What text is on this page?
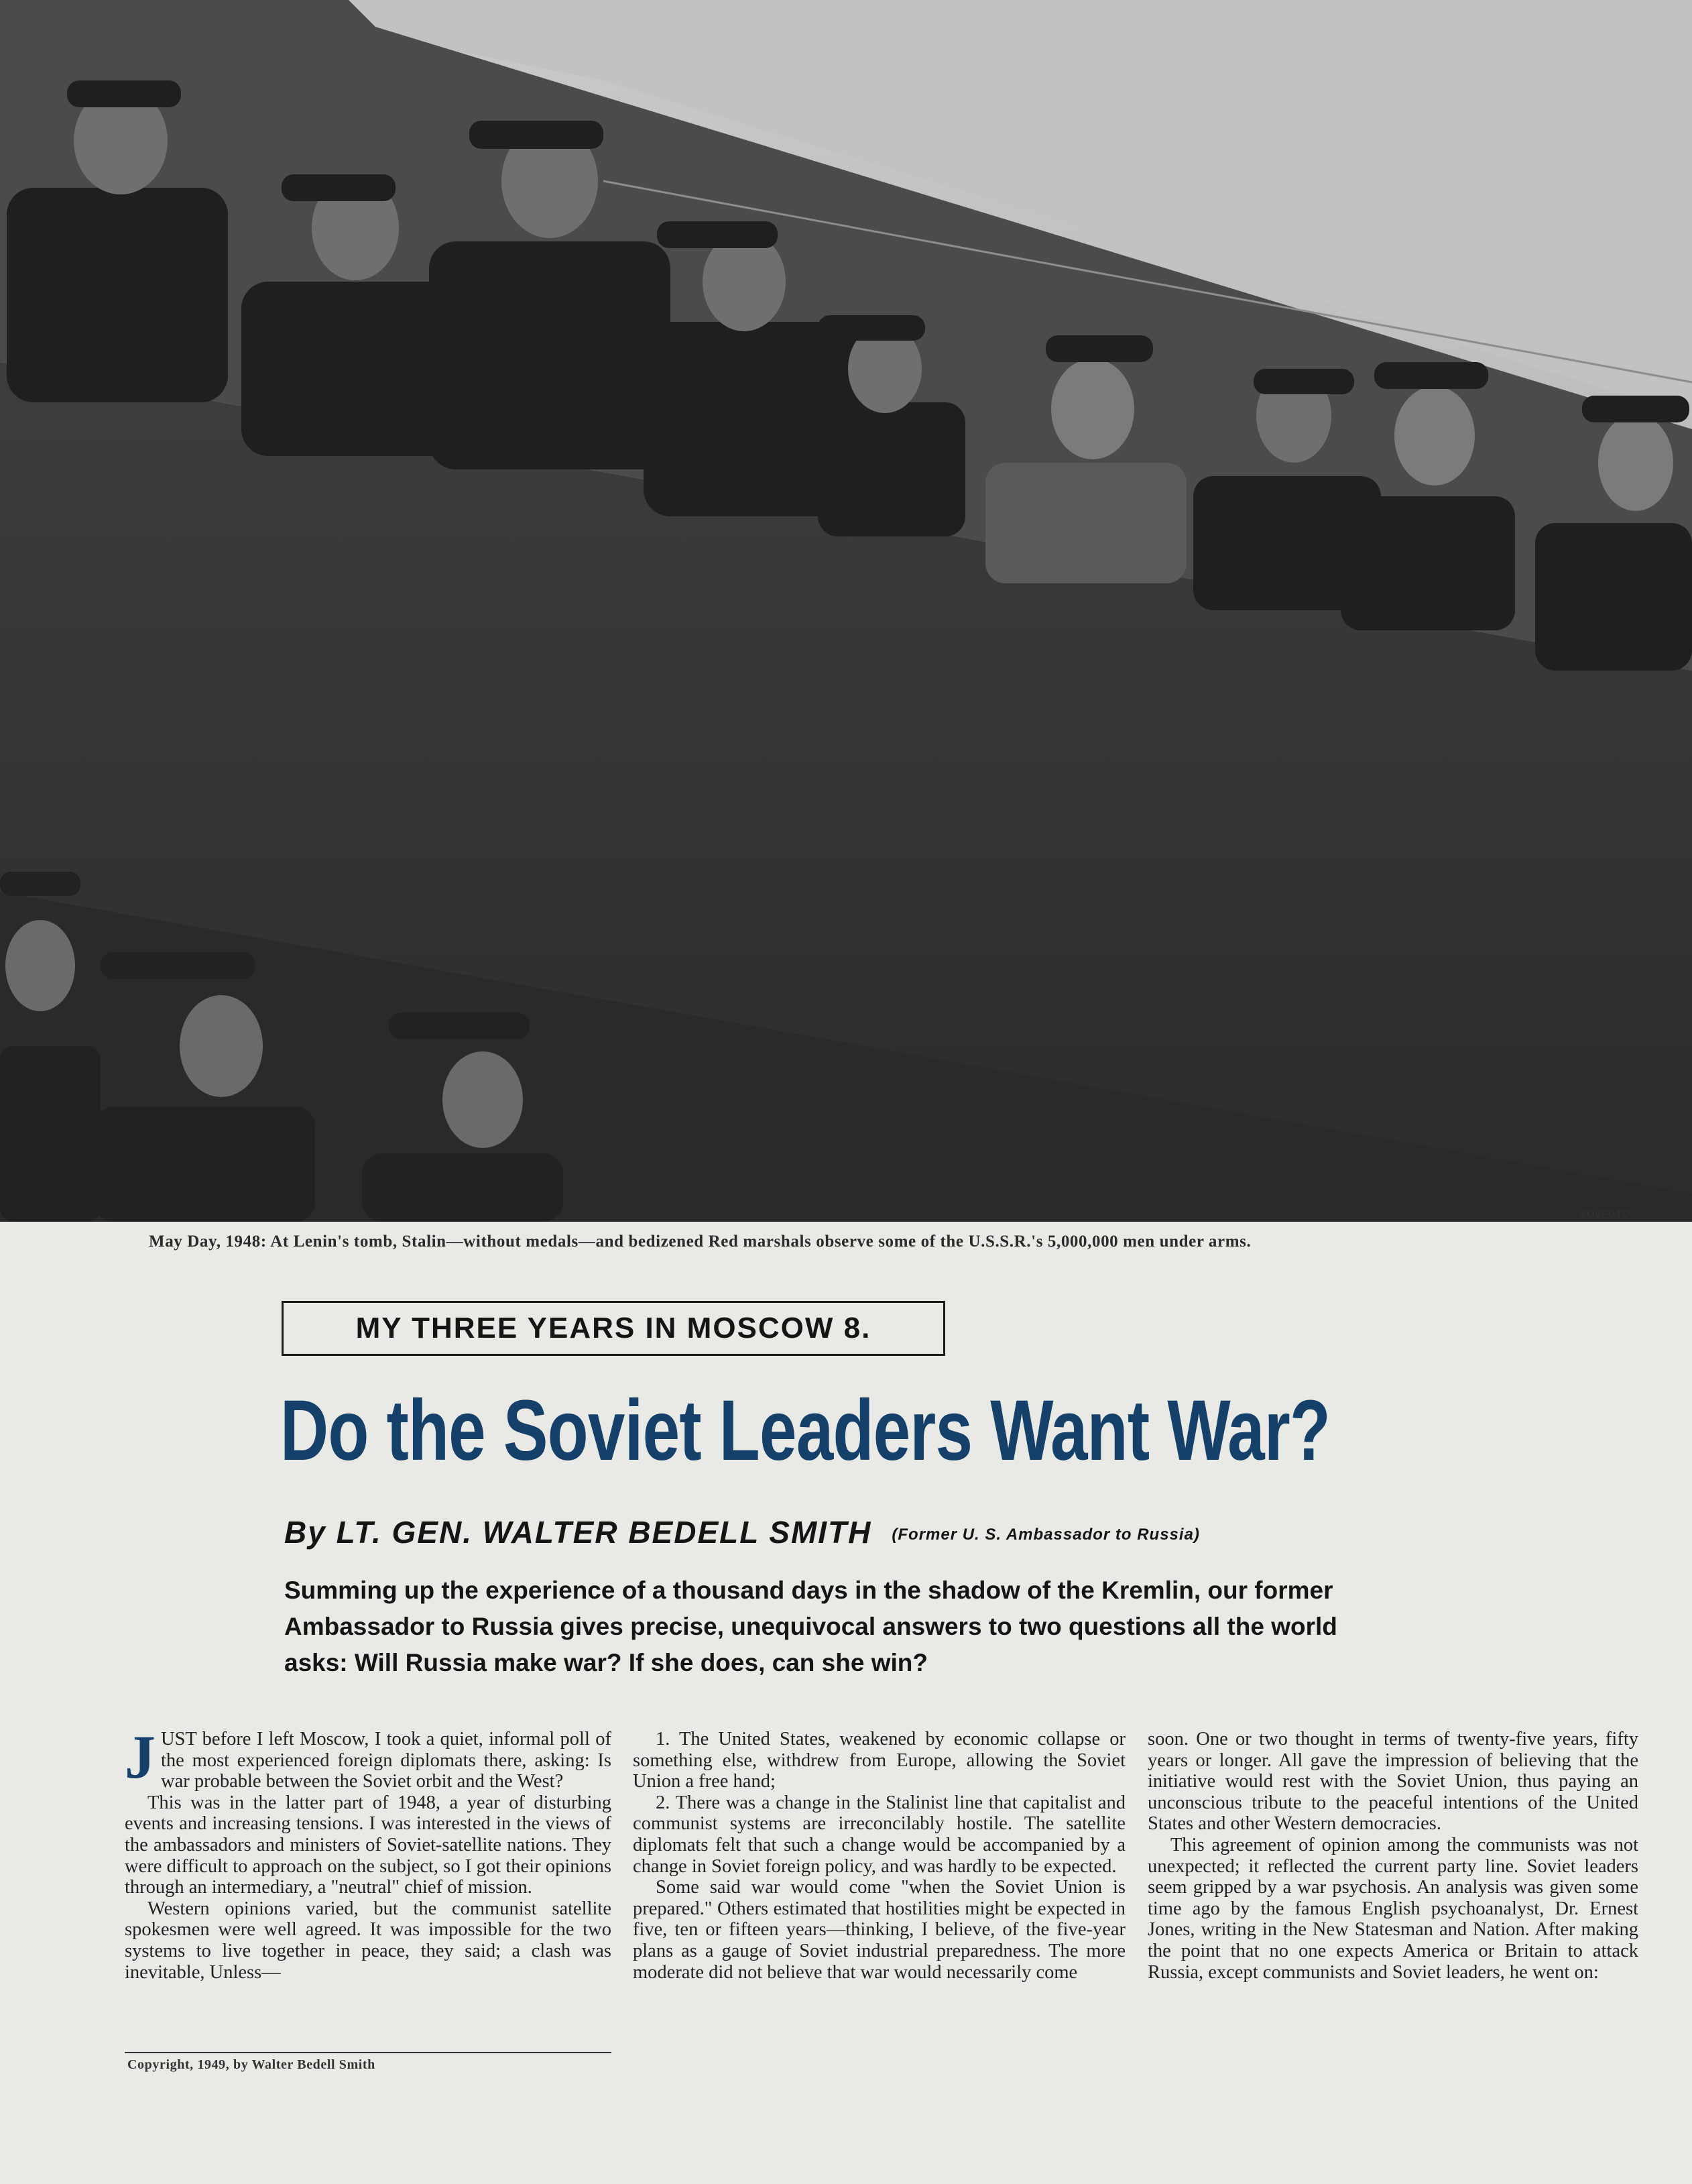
SOVFOTO
May Day, 1948: At Lenin's tomb, Stalin—without medals—and bedizened Red marshals observe some of the U.S.S.R.'s 5,000,000 men under arms.
MY THREE YEARS IN MOSCOW 8.
Do the Soviet Leaders Want War?
By LT. GEN. WALTER BEDELL SMITH (Former U. S. Ambassador to Russia)
Summing up the experience of a thousand days in the shadow of the Kremlin, our former Ambassador to Russia gives precise, unequivocal answers to two questions all the world asks: Will Russia make war? If she does, can she win?

JUST before I left Moscow, I took a quiet, informal poll of the most experienced foreign diplomats there, asking: Is war probable between the Soviet orbit and the West?

This was in the latter part of 1948, a year of disturbing events and increasing tensions. I was interested in the views of the ambassadors and ministers of Soviet-satellite nations. They were difficult to approach on the subject, so I got their opinions through an intermediary, a "neutral" chief of mission.

Western opinions varied, but the communist satellite spokesmen were well agreed. It was impossible for the two systems to live together in peace, they said; a clash was inevitable, Unless—

Copyright, 1949, by Walter Bedell Smith

1. The United States, weakened by economic collapse or something else, withdrew from Europe, allowing the Soviet Union a free hand;

2. There was a change in the Stalinist line that capitalist and communist systems are irreconcilably hostile. The satellite diplomats felt that such a change would be accompanied by a change in Soviet foreign policy, and was hardly to be expected.

Some said war would come "when the Soviet Union is prepared." Others estimated that hostilities might be expected in five, ten or fifteen years—thinking, I believe, of the five-year plans as a gauge of Soviet industrial preparedness. The more moderate did not believe that war would necessarily come

soon. One or two thought in terms of twenty-five years, fifty years or longer. All gave the impression of believing that the initiative would rest with the Soviet Union, thus paying an unconscious tribute to the peaceful intentions of the United States and other Western democracies.

This agreement of opinion among the communists was not unexpected; it reflected the current party line. Soviet leaders seem gripped by a war psychosis. An analysis was given some time ago by the famous English psychoanalyst, Dr. Ernest Jones, writing in the New Statesman and Nation. After making the point that no one expects America or Britain to attack Russia, except communists and Soviet leaders, he went on:
